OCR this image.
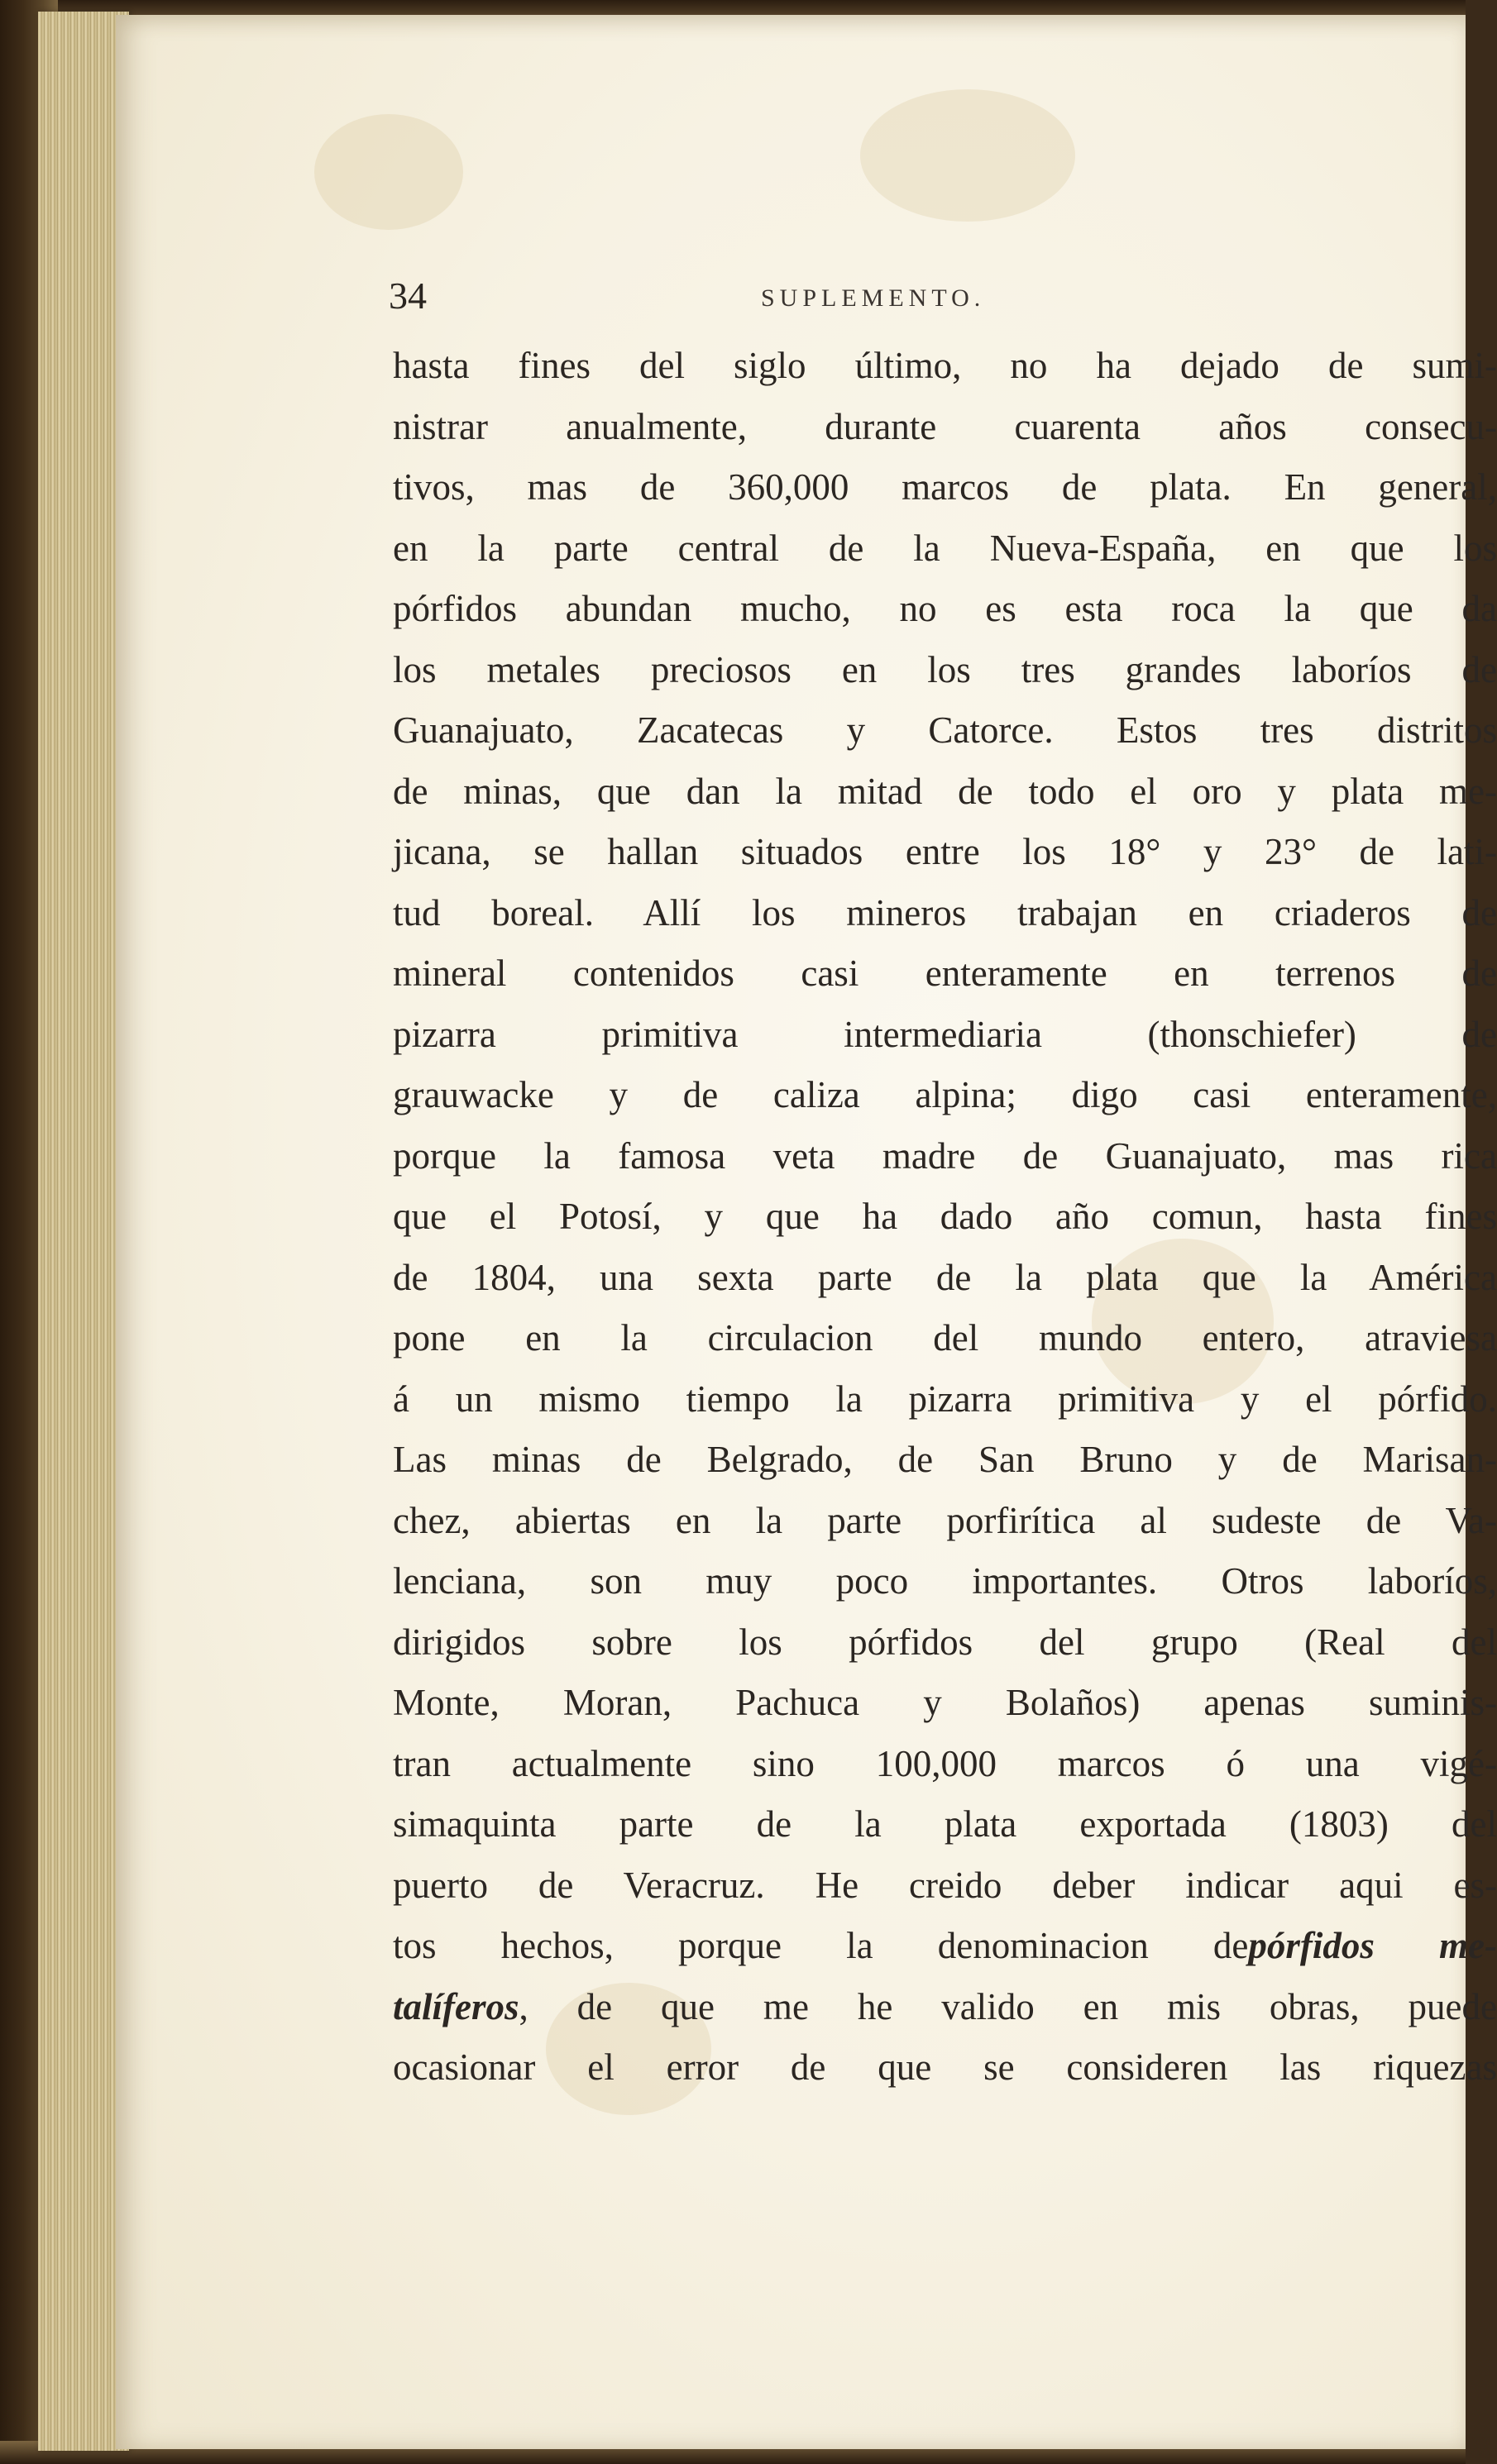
34	SUPLEMENTO.
hasta fines del siglo último, no ha dejado de sumi-
nistrar anualmente, durante cuarenta años consecu-
tivos, mas de 360,000 marcos de plata. En general,
en la parte central de la Nueva-España, en que los
pórfidos abundan mucho, no es esta roca la que da
los metales preciosos en los tres grandes laboríos de
Guanajuato, Zacatecas y Catorce. Estos tres distritos
de minas, que dan la mitad de todo el oro y plata me-
jicana, se hallan situados entre los 18° y 23° de lati-
tud boreal. Allí los mineros trabajan en criaderos de
mineral contenidos casi enteramente en terrenos de
pizarra primitiva intermediaria (thonschiefer) de
grauwacke y de caliza alpina; digo casi enteramente,
porque la famosa veta madre de Guanajuato, mas rica
que el Potosí, y que ha dado año comun, hasta fines
de 1804, una sexta parte de la plata que la América
pone en la circulacion del mundo entero, atraviesa
á un mismo tiempo la pizarra primitiva y el pórfido.
Las minas de Belgrado, de San Bruno y de Marisan-
chez, abiertas en la parte porfirítica al sudeste de Va-
lenciana, son muy poco importantes. Otros laboríos,
dirigidos sobre los pórfidos del grupo (Real del
Monte, Moran, Pachuca y Bolaños) apenas suminis-
tran actualmente sino 100,000 marcos ó una vigé-
simaquinta parte de la plata exportada (1803) del
puerto de Veracruz. He creido deber indicar aqui es-
tos hechos, porque la denominacion depórfidos me-
talíferos, de que me he valido en mis obras, puede
ocasionar el error de que se consideren las riquezas
